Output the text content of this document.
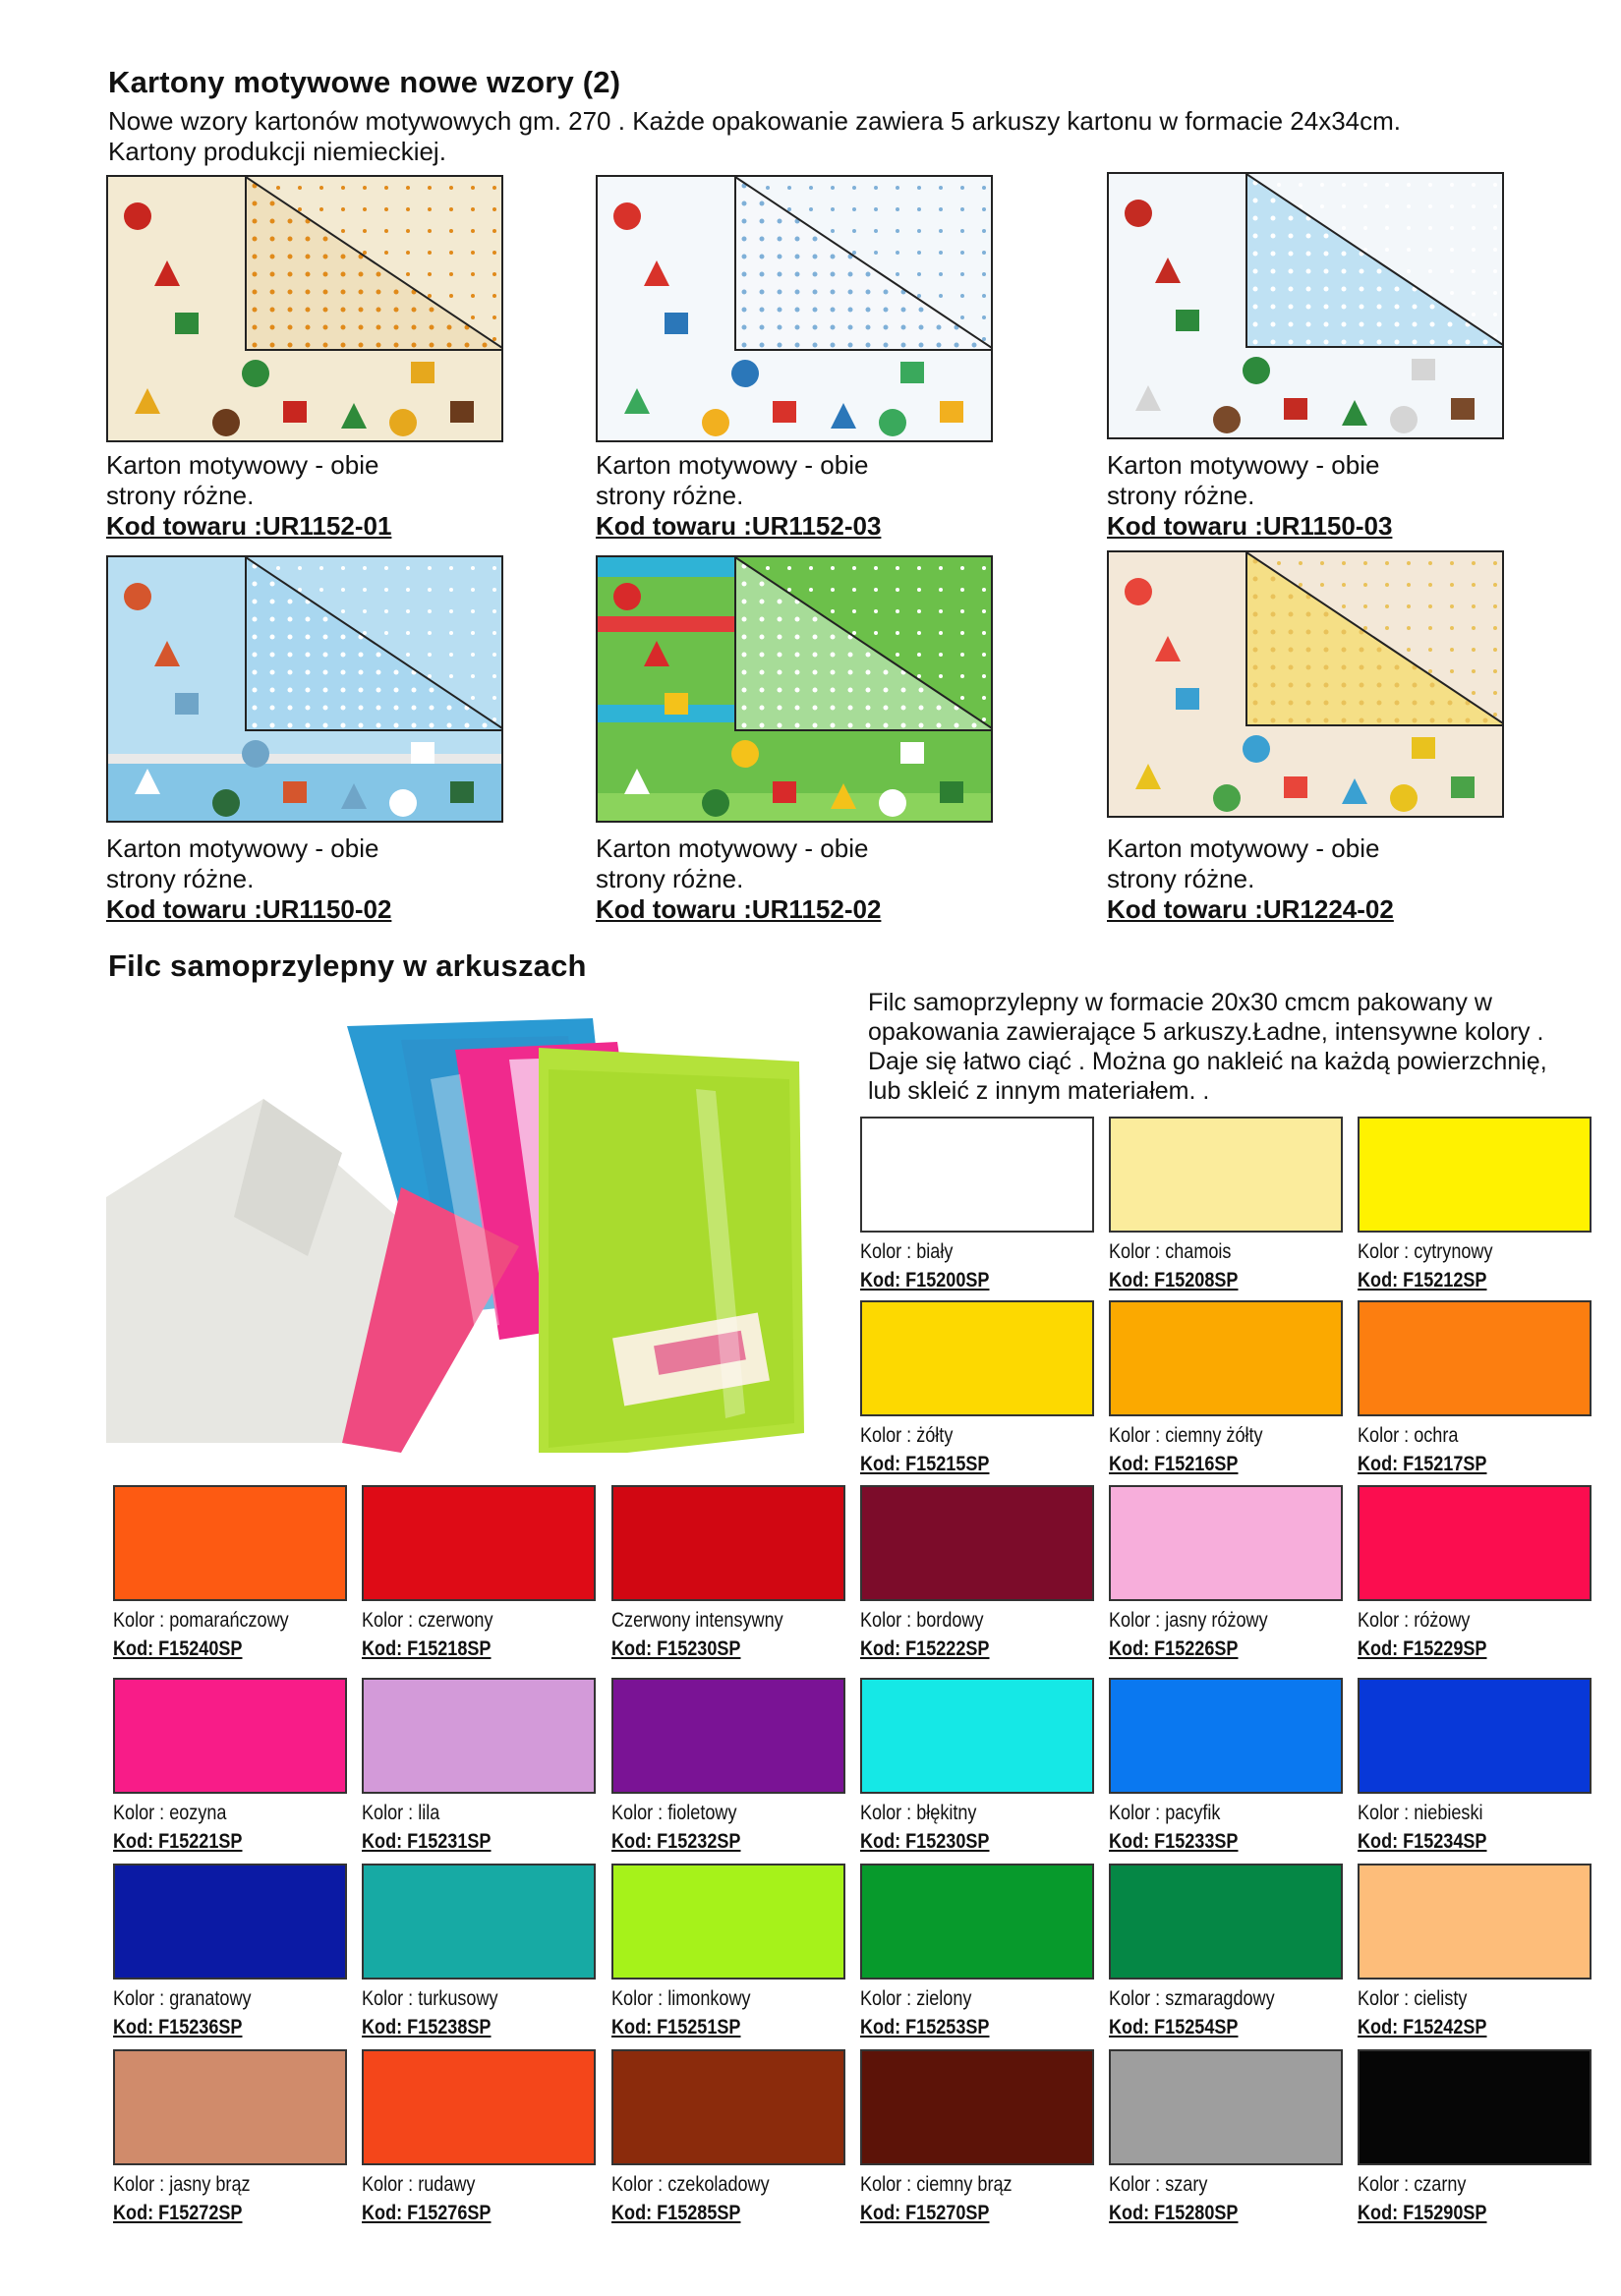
Kartony motywowe nowe wzory (2)
Nowe wzory kartonów motywowych gm. 270 . Każde opakowanie zawiera 5 arkuszy kartonu w formacie 24x34cm.
Kartony produkcji niemieckiej.
Karton motywowy - obie
strony różne.
Kod towaru :UR1152-01
Karton motywowy - obie
strony różne.
Kod towaru :UR1152-03
Karton motywowy - obie
strony różne.
Kod towaru :UR1150-03
Karton motywowy - obie
strony różne.
Kod towaru :UR1150-02
Karton motywowy - obie
strony różne.
Kod towaru :UR1152-02
Karton motywowy - obie
strony różne.
Kod towaru :UR1224-02
Filc samoprzylepny w arkuszach
Filc samoprzylepny w formacie 20x30 cmcm pakowany w opakowania zawierające 5 arkuszy.Ładne, intensywne kolory . Daje się łatwo ciąć . Można go nakleić na każdą powierzchnię, lub skleić z innym materiałem. .
Kolor : biały
Kod: F15200SP
Kolor : chamois
Kod: F15208SP
Kolor : cytrynowy
Kod: F15212SP
Kolor : żółty
Kod: F15215SP
Kolor : ciemny żółty
Kod: F15216SP
Kolor : ochra
Kod: F15217SP
Kolor : pomarańczowy
Kod: F15240SP
Kolor : czerwony
Kod: F15218SP
Czerwony intensywny
Kod: F15230SP
Kolor : bordowy
Kod: F15222SP
Kolor : jasny różowy
Kod: F15226SP
Kolor : różowy
Kod: F15229SP
Kolor : eozyna
Kod: F15221SP
Kolor : lila
Kod: F15231SP
Kolor : fioletowy
Kod: F15232SP
Kolor : błękitny
Kod: F15230SP
Kolor : pacyfik
Kod: F15233SP
Kolor : niebieski
Kod: F15234SP
Kolor : granatowy
Kod: F15236SP
Kolor : turkusowy
Kod: F15238SP
Kolor : limonkowy
Kod: F15251SP
Kolor : zielony
Kod: F15253SP
Kolor : szmaragdowy
Kod: F15254SP
Kolor : cielisty
Kod: F15242SP
Kolor : jasny brąz
Kod: F15272SP
Kolor : rudawy
Kod: F15276SP
Kolor : czekoladowy
Kod: F15285SP
Kolor : ciemny brąz
Kod: F15270SP
Kolor : szary
Kod: F15280SP
Kolor : czarny
Kod: F15290SP
